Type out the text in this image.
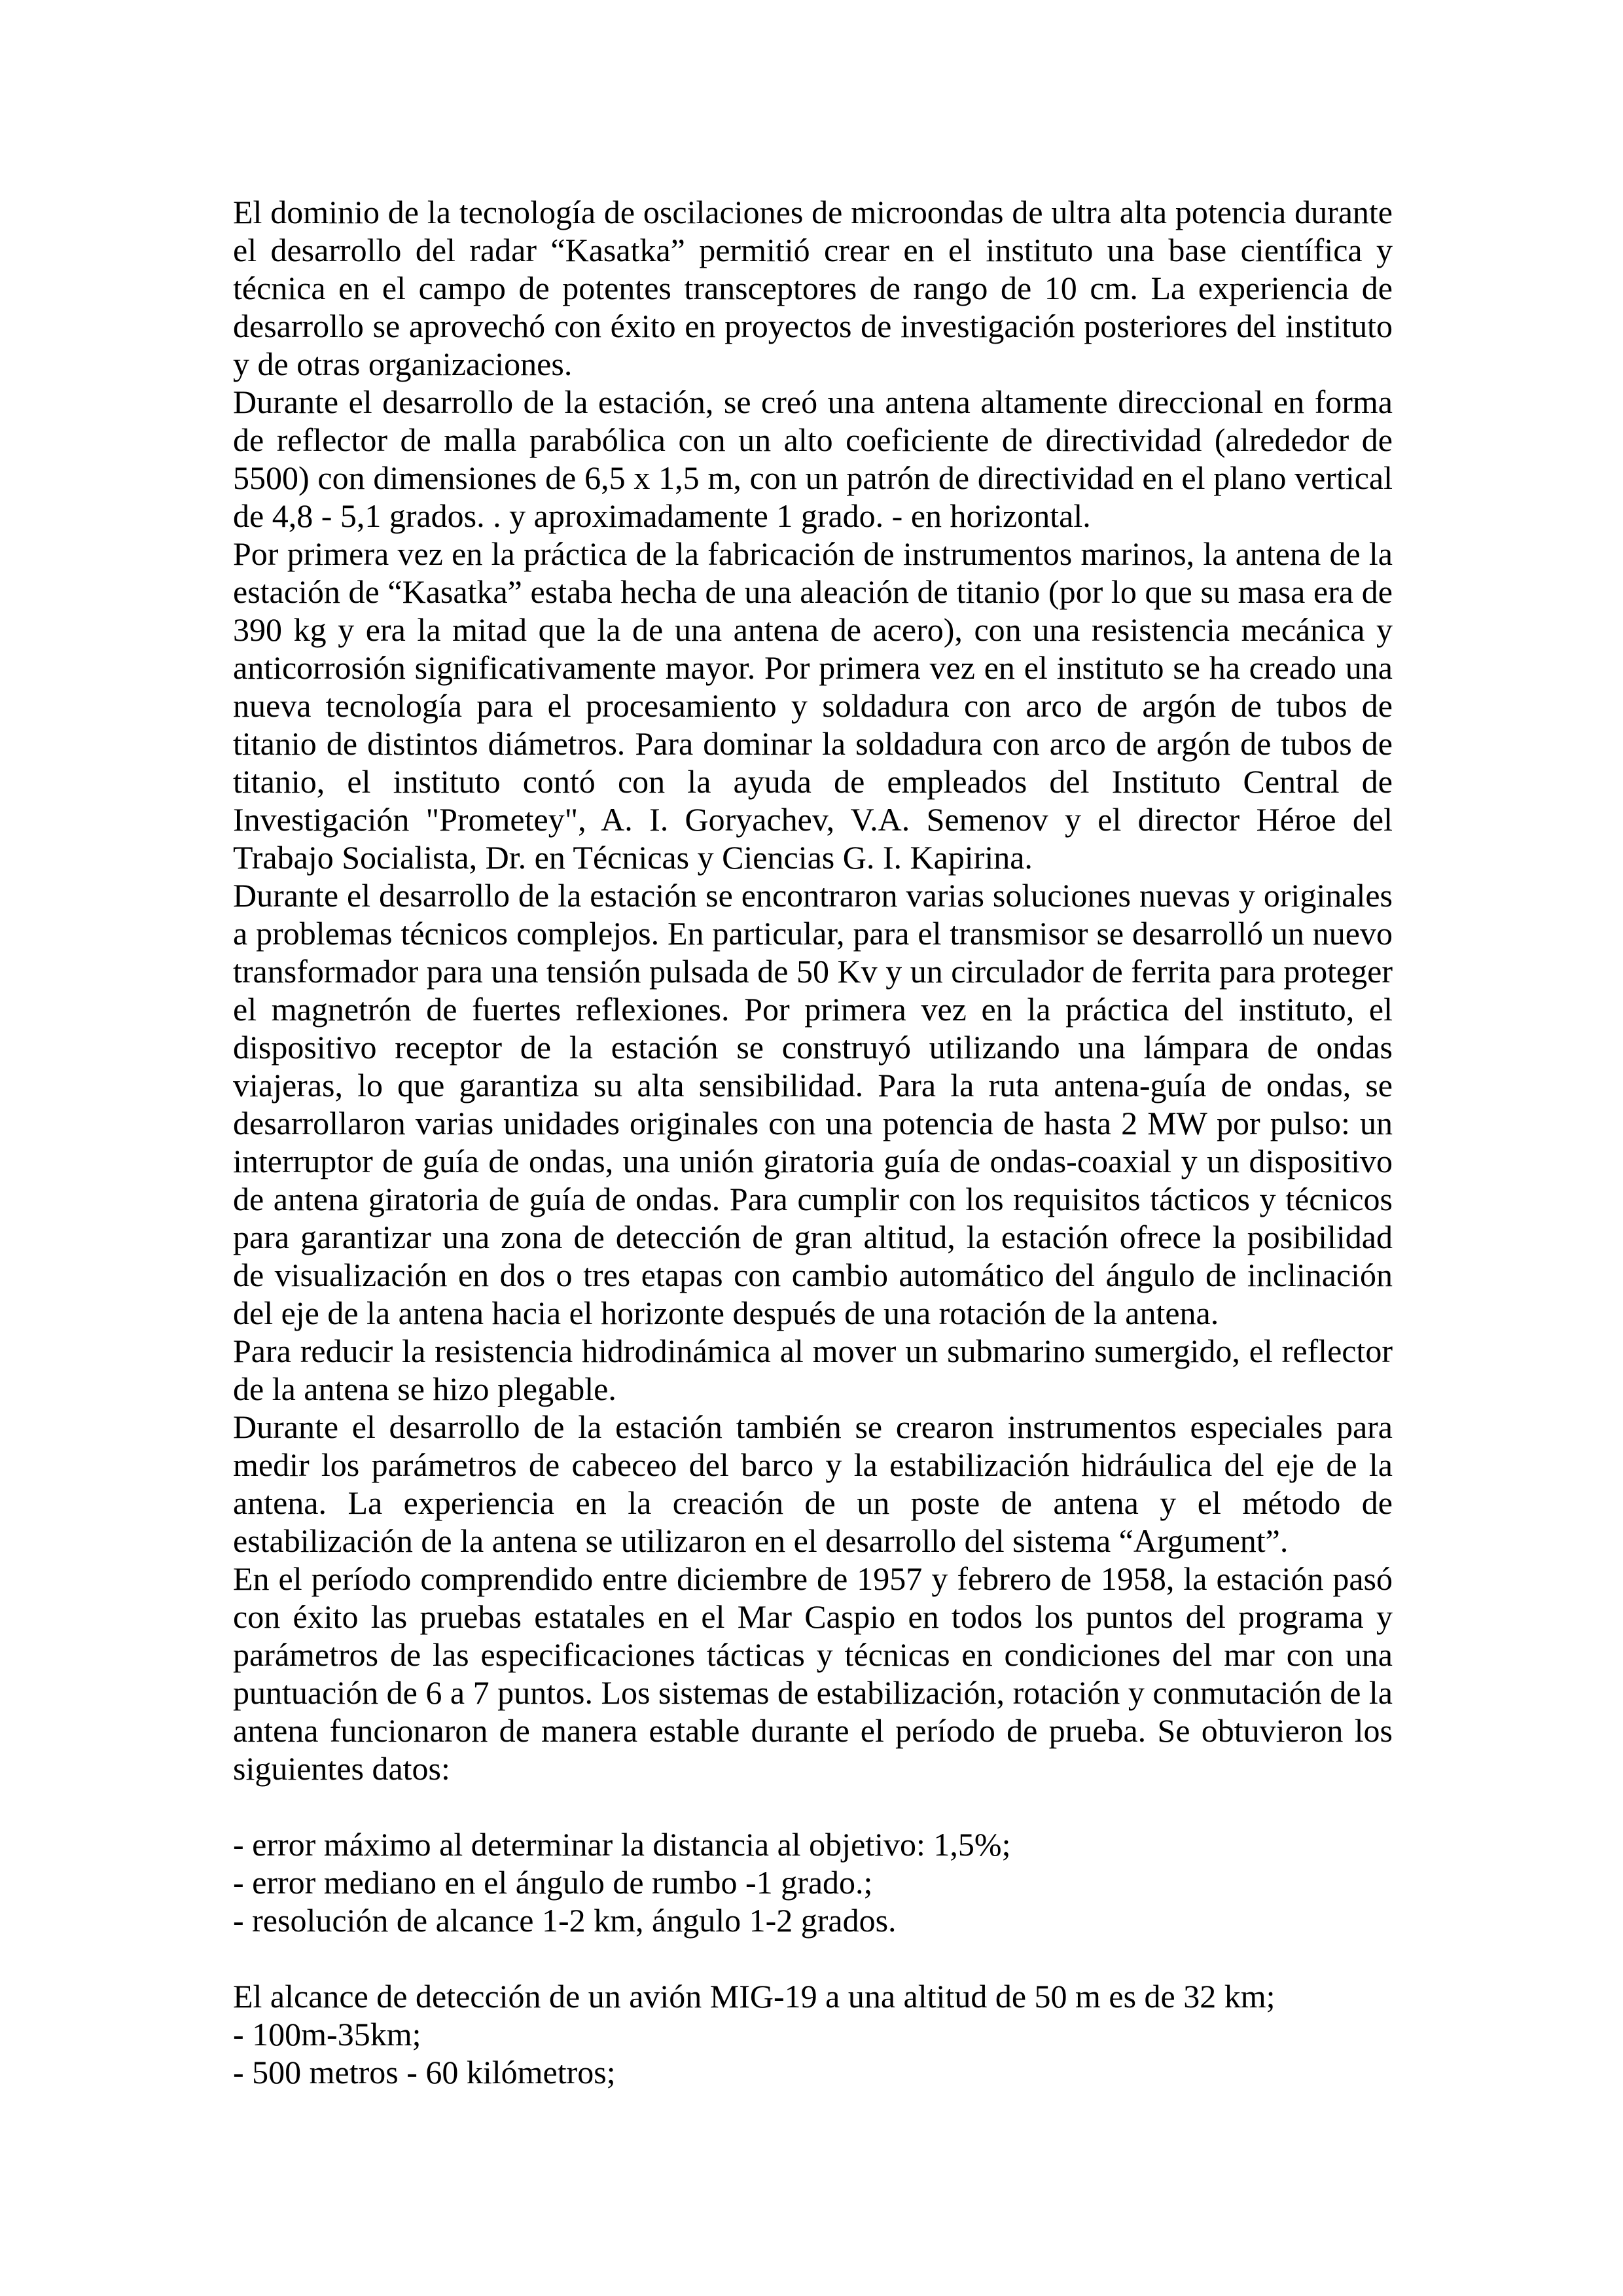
El dominio de la tecnología de oscilaciones de microondas de ultra alta potencia durante el desarrollo del radar “Kasatka” permitió crear en el instituto una base científica y técnica en el campo de potentes transceptores de rango de 10 cm. La experiencia de desarrollo se aprovechó con éxito en proyectos de investigación posteriores del instituto y de otras organizaciones.

Durante el desarrollo de la estación, se creó una antena altamente direccional en forma de reflector de malla parabólica con un alto coeficiente de directividad (alrededor de 5500) con dimensiones de 6,5 x 1,5 m, con un patrón de directividad en el plano vertical de 4,8 - 5,1 grados. . y aproximadamente 1 grado. - en horizontal.

Por primera vez en la práctica de la fabricación de instrumentos marinos, la antena de la estación de “Kasatka” estaba hecha de una aleación de titanio (por lo que su masa era de 390 kg y era la mitad que la de una antena de acero), con una resistencia mecánica y anticorrosión significativamente mayor. Por primera vez en el instituto se ha creado una nueva tecnología para el procesamiento y soldadura con arco de argón de tubos de titanio de distintos diámetros. Para dominar la soldadura con arco de argón de tubos de titanio, el instituto contó con la ayuda de empleados del Instituto Central de Investigación "Prometey", A. I. Goryachev, V.A. Semenov y el director Héroe del Trabajo Socialista, Dr. en Técnicas y Ciencias G. I. Kapirina.

Durante el desarrollo de la estación se encontraron varias soluciones nuevas y originales a problemas técnicos complejos. En particular, para el transmisor se desarrolló un nuevo transformador para una tensión pulsada de 50 Kv y un circulador de ferrita para proteger el magnetrón de fuertes reflexiones. Por primera vez en la práctica del instituto, el dispositivo receptor de la estación se construyó utilizando una lámpara de ondas viajeras, lo que garantiza su alta sensibilidad. Para la ruta antena-guía de ondas, se desarrollaron varias unidades originales con una potencia de hasta 2 MW por pulso: un interruptor de guía de ondas, una unión giratoria guía de ondas-coaxial y un dispositivo de antena giratoria de guía de ondas. Para cumplir con los requisitos tácticos y técnicos para garantizar una zona de detección de gran altitud, la estación ofrece la posibilidad de visualización en dos o tres etapas con cambio automático del ángulo de inclinación del eje de la antena hacia el horizonte después de una rotación de la antena.

Para reducir la resistencia hidrodinámica al mover un submarino sumergido, el reflector de la antena se hizo plegable.

Durante el desarrollo de la estación también se crearon instrumentos especiales para medir los parámetros de cabeceo del barco y la estabilización hidráulica del eje de la antena. La experiencia en la creación de un poste de antena y el método de estabilización de la antena se utilizaron en el desarrollo del sistema “Argument”.

En el período comprendido entre diciembre de 1957 y febrero de 1958, la estación pasó con éxito las pruebas estatales en el Mar Caspio en todos los puntos del programa y parámetros de las especificaciones tácticas y técnicas en condiciones del mar con una puntuación de 6 a 7 puntos. Los sistemas de estabilización, rotación y conmutación de la antena funcionaron de manera estable durante el período de prueba. Se obtuvieron los siguientes datos:

- error máximo al determinar la distancia al objetivo: 1,5%;

- error mediano en el ángulo de rumbo -1 grado.;

- resolución de alcance 1-2 km, ángulo 1-2 grados.

El alcance de detección de un avión MIG-19 a una altitud de 50 m es de 32 km;

- 100m-35km;

- 500 metros - 60 kilómetros;
